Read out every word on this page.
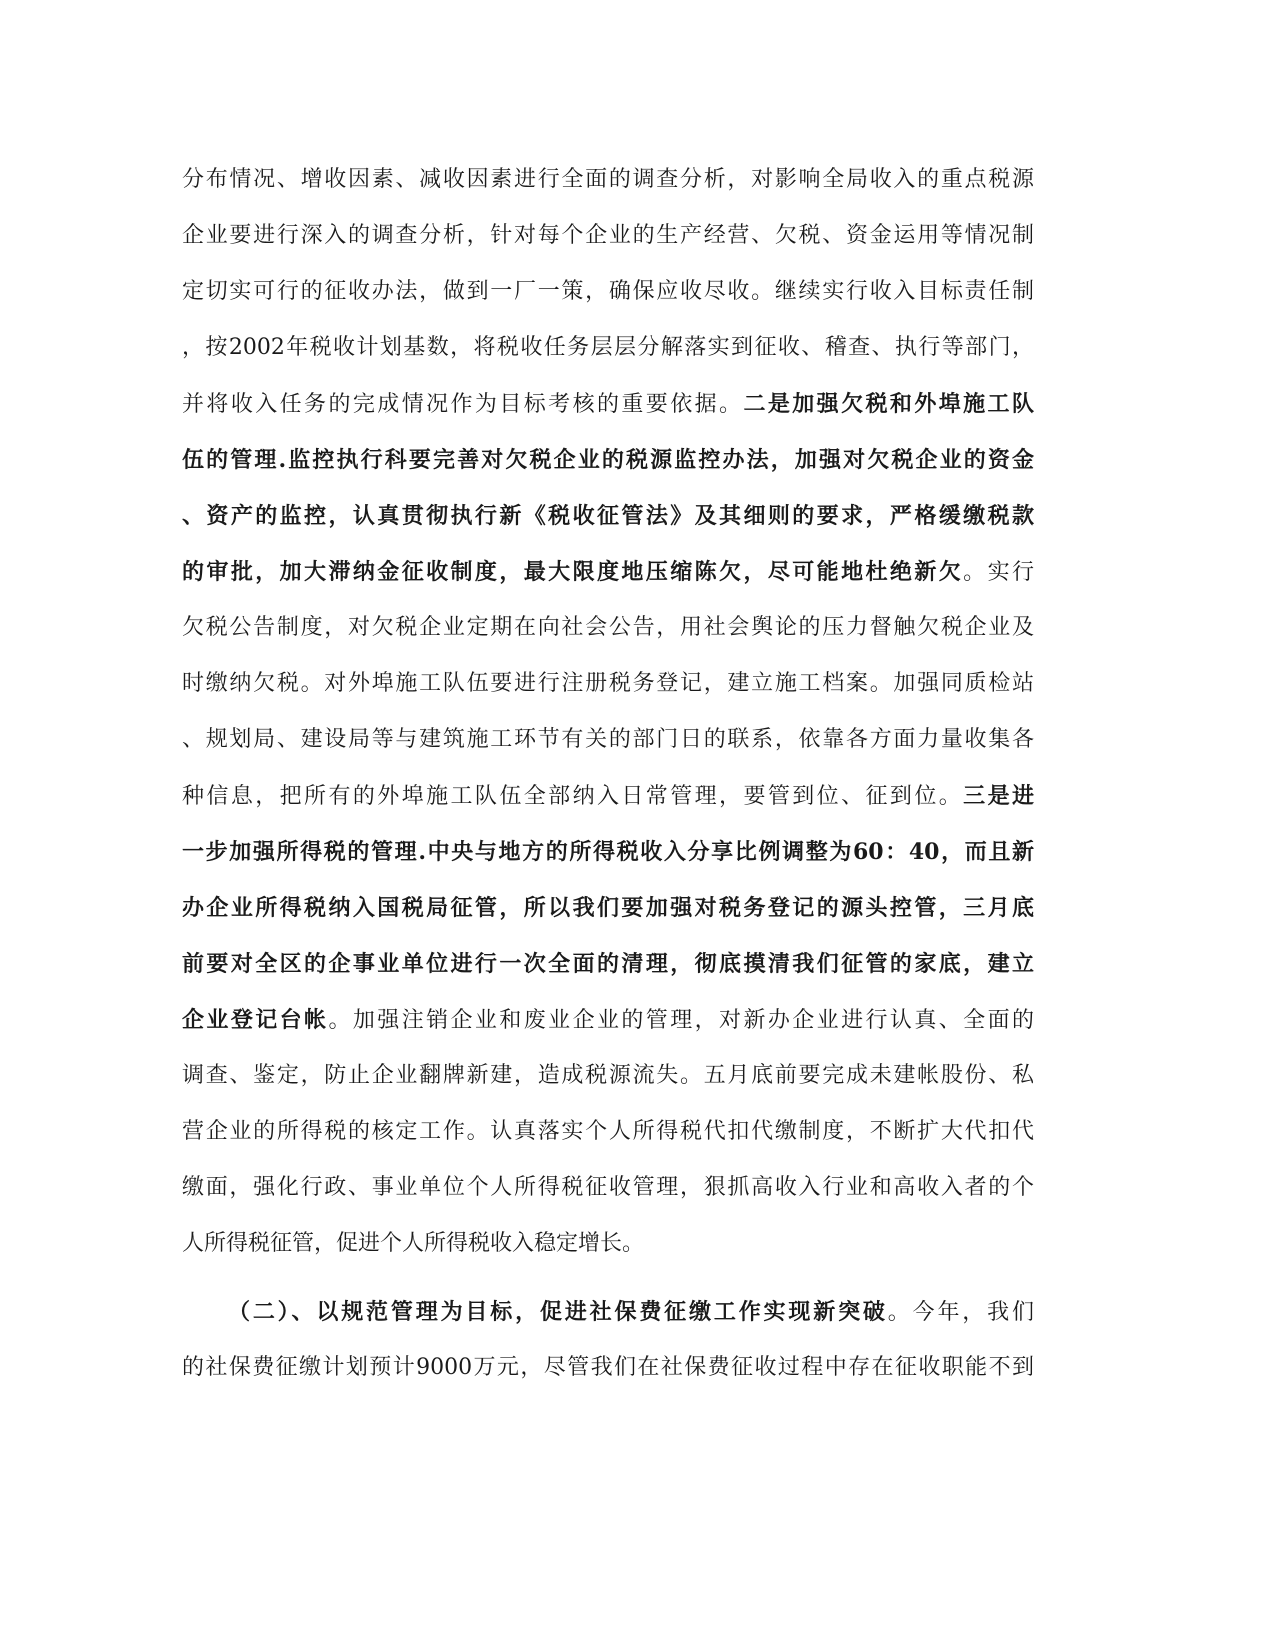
分布情况、增收因素、减收因素进行全面的调查分析，对影响全局收入的重点税源
企业要进行深入的调查分析，针对每个企业的生产经营、欠税、资金运用等情况制
定切实可行的征收办法，做到一厂一策，确保应收尽收。继续实行收入目标责任制
，按2002年税收计划基数，将税收任务层层分解落实到征收、稽查、执行等部门，
并将收入任务的完成情况作为目标考核的重要依据。二是加强欠税和外埠施工队
伍的管理.监控执行科要完善对欠税企业的税源监控办法，加强对欠税企业的资金
、资产的监控，认真贯彻执行新《税收征管法》及其细则的要求，严格缓缴税款
的审批，加大滞纳金征收制度，最大限度地压缩陈欠，尽可能地杜绝新欠。实行
欠税公告制度，对欠税企业定期在向社会公告，用社会舆论的压力督触欠税企业及
时缴纳欠税。对外埠施工队伍要进行注册税务登记，建立施工档案。加强同质检站
、规划局、建设局等与建筑施工环节有关的部门日的联系，依靠各方面力量收集各
种信息，把所有的外埠施工队伍全部纳入日常管理，要管到位、征到位。三是进
一步加强所得税的管理.中央与地方的所得税收入分享比例调整为60：40，而且新
办企业所得税纳入国税局征管，所以我们要加强对税务登记的源头控管，三月底
前要对全区的企事业单位进行一次全面的清理，彻底摸清我们征管的家底，建立
企业登记台帐。加强注销企业和废业企业的管理，对新办企业进行认真、全面的
调查、鉴定，防止企业翻牌新建，造成税源流失。五月底前要完成未建帐股份、私
营企业的所得税的核定工作。认真落实个人所得税代扣代缴制度，不断扩大代扣代
缴面，强化行政、事业单位个人所得税征收管理，狠抓高收入行业和高收入者的个
人所得税征管，促进个人所得税收入稳定增长。
（二）、以规范管理为目标，促进社保费征缴工作实现新突破。今年，我们
的社保费征缴计划预计9000万元，尽管我们在社保费征收过程中存在征收职能不到
